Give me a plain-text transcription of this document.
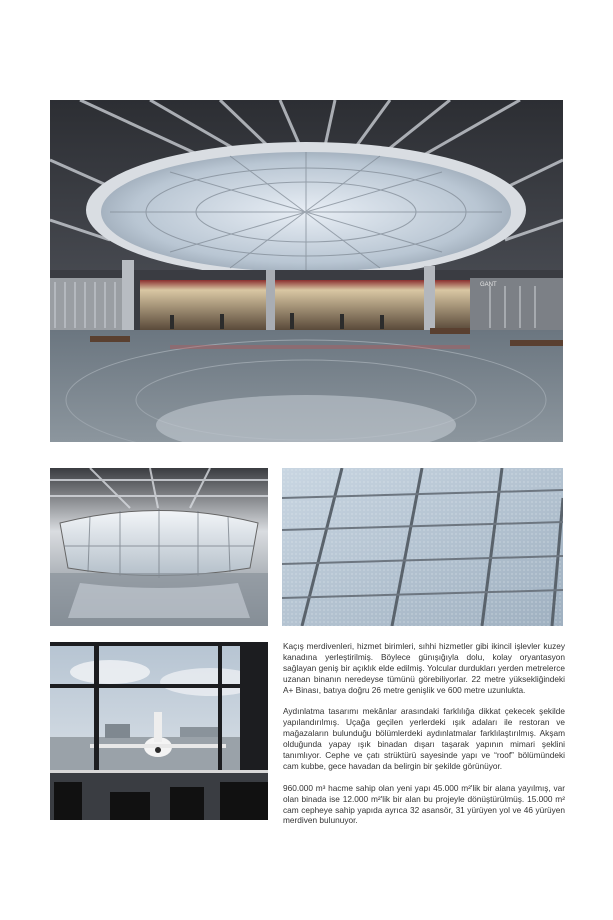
GANT

Kaçış merdivenleri, hizmet birimleri, sıhhi hizmetler gibi ikincil işlevler kuzey kanadına yerleştirilmiş. Böylece günışığıyla dolu, kolay oryantasyon sağlayan geniş bir açıklık elde edilmiş. Yolcular durdukları yerden metrelerce uzanan binanın neredeyse tümünü görebiliyorlar. 22 metre yüksekliğindeki A+ Binası, batıya doğru 26 metre genişlik ve 600 metre uzunlukta.

Aydınlatma tasarımı mekânlar arasındaki farklılığa dikkat çekecek şekilde yapılandırılmış. Uçağa geçilen yerlerdeki ışık adaları ile restoran ve mağazaların bulunduğu bölümlerdeki aydınlatmalar farklılaştırılmış. Akşam olduğunda yapay ışık binadan dışarı taşarak yapının mimari şeklini tanımlıyor. Cephe ve çatı strüktürü sayesinde yapı ve “roof” bölümündeki cam kubbe, gece havadan da belirgin bir şekilde görünüyor.

960.000 m³ hacme sahip olan yeni yapı 45.000 m²'lik bir alana yayılmış, var olan binada ise 12.000 m²'lik bir alan bu projeyle dönüştürülmüş. 15.000 m² cam cepheye sahip yapıda ayrıca 32 asansör, 31 yürüyen yol ve 46 yürüyen merdiven bulunuyor.
